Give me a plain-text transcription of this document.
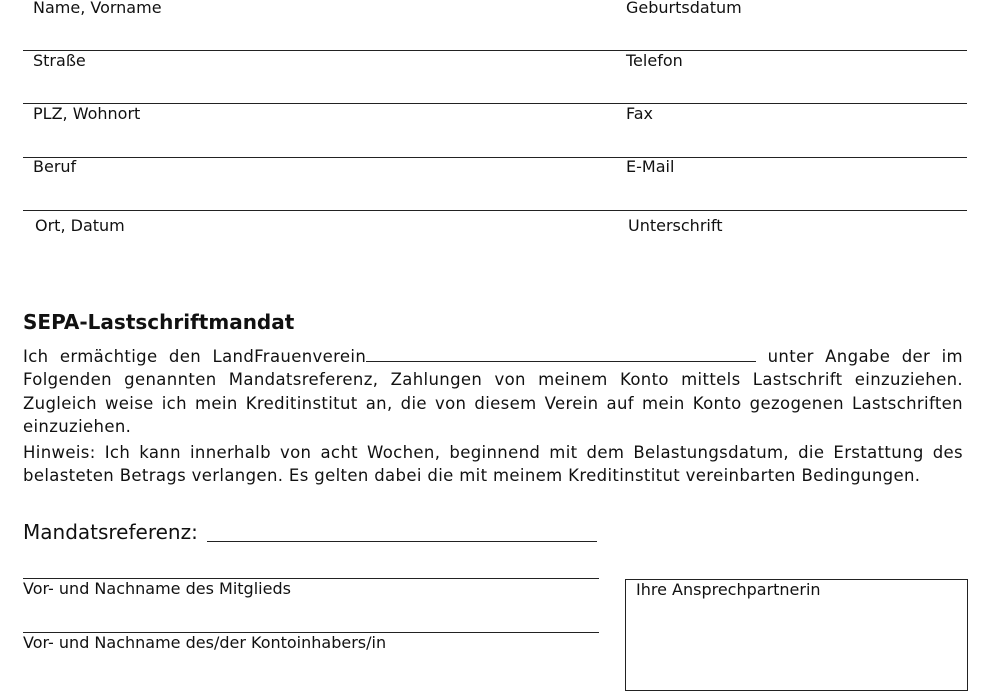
Name, Vorname	Geburtsdatum
Straße	Telefon
PLZ, Wohnort	Fax
Beruf	E-Mail
Ort, Datum	Unterschrift
SEPA-Lastschriftmandat

Ich ermächtige den LandFrauenverein	unter Angabe der im Folgenden genannten Mandatsreferenz, Zahlungen von meinem Konto mittels Lastschrift einzuziehen. Zugleich weise ich mein Kreditinstitut an, die von diesem Verein auf mein Konto gezogenen Lastschriften einzuziehen.

Hinweis: Ich kann innerhalb von acht Wochen, beginnend mit dem Belastungsdatum, die Erstattung des belasteten Betrags verlangen. Es gelten dabei die mit meinem Kreditinstitut vereinbarten Bedingungen.

Mandatsreferenz:
Vor- und Nachname des Mitglieds
Vor- und Nachname des/der Kontoinhabers/in
Ihre Ansprechpartnerin
